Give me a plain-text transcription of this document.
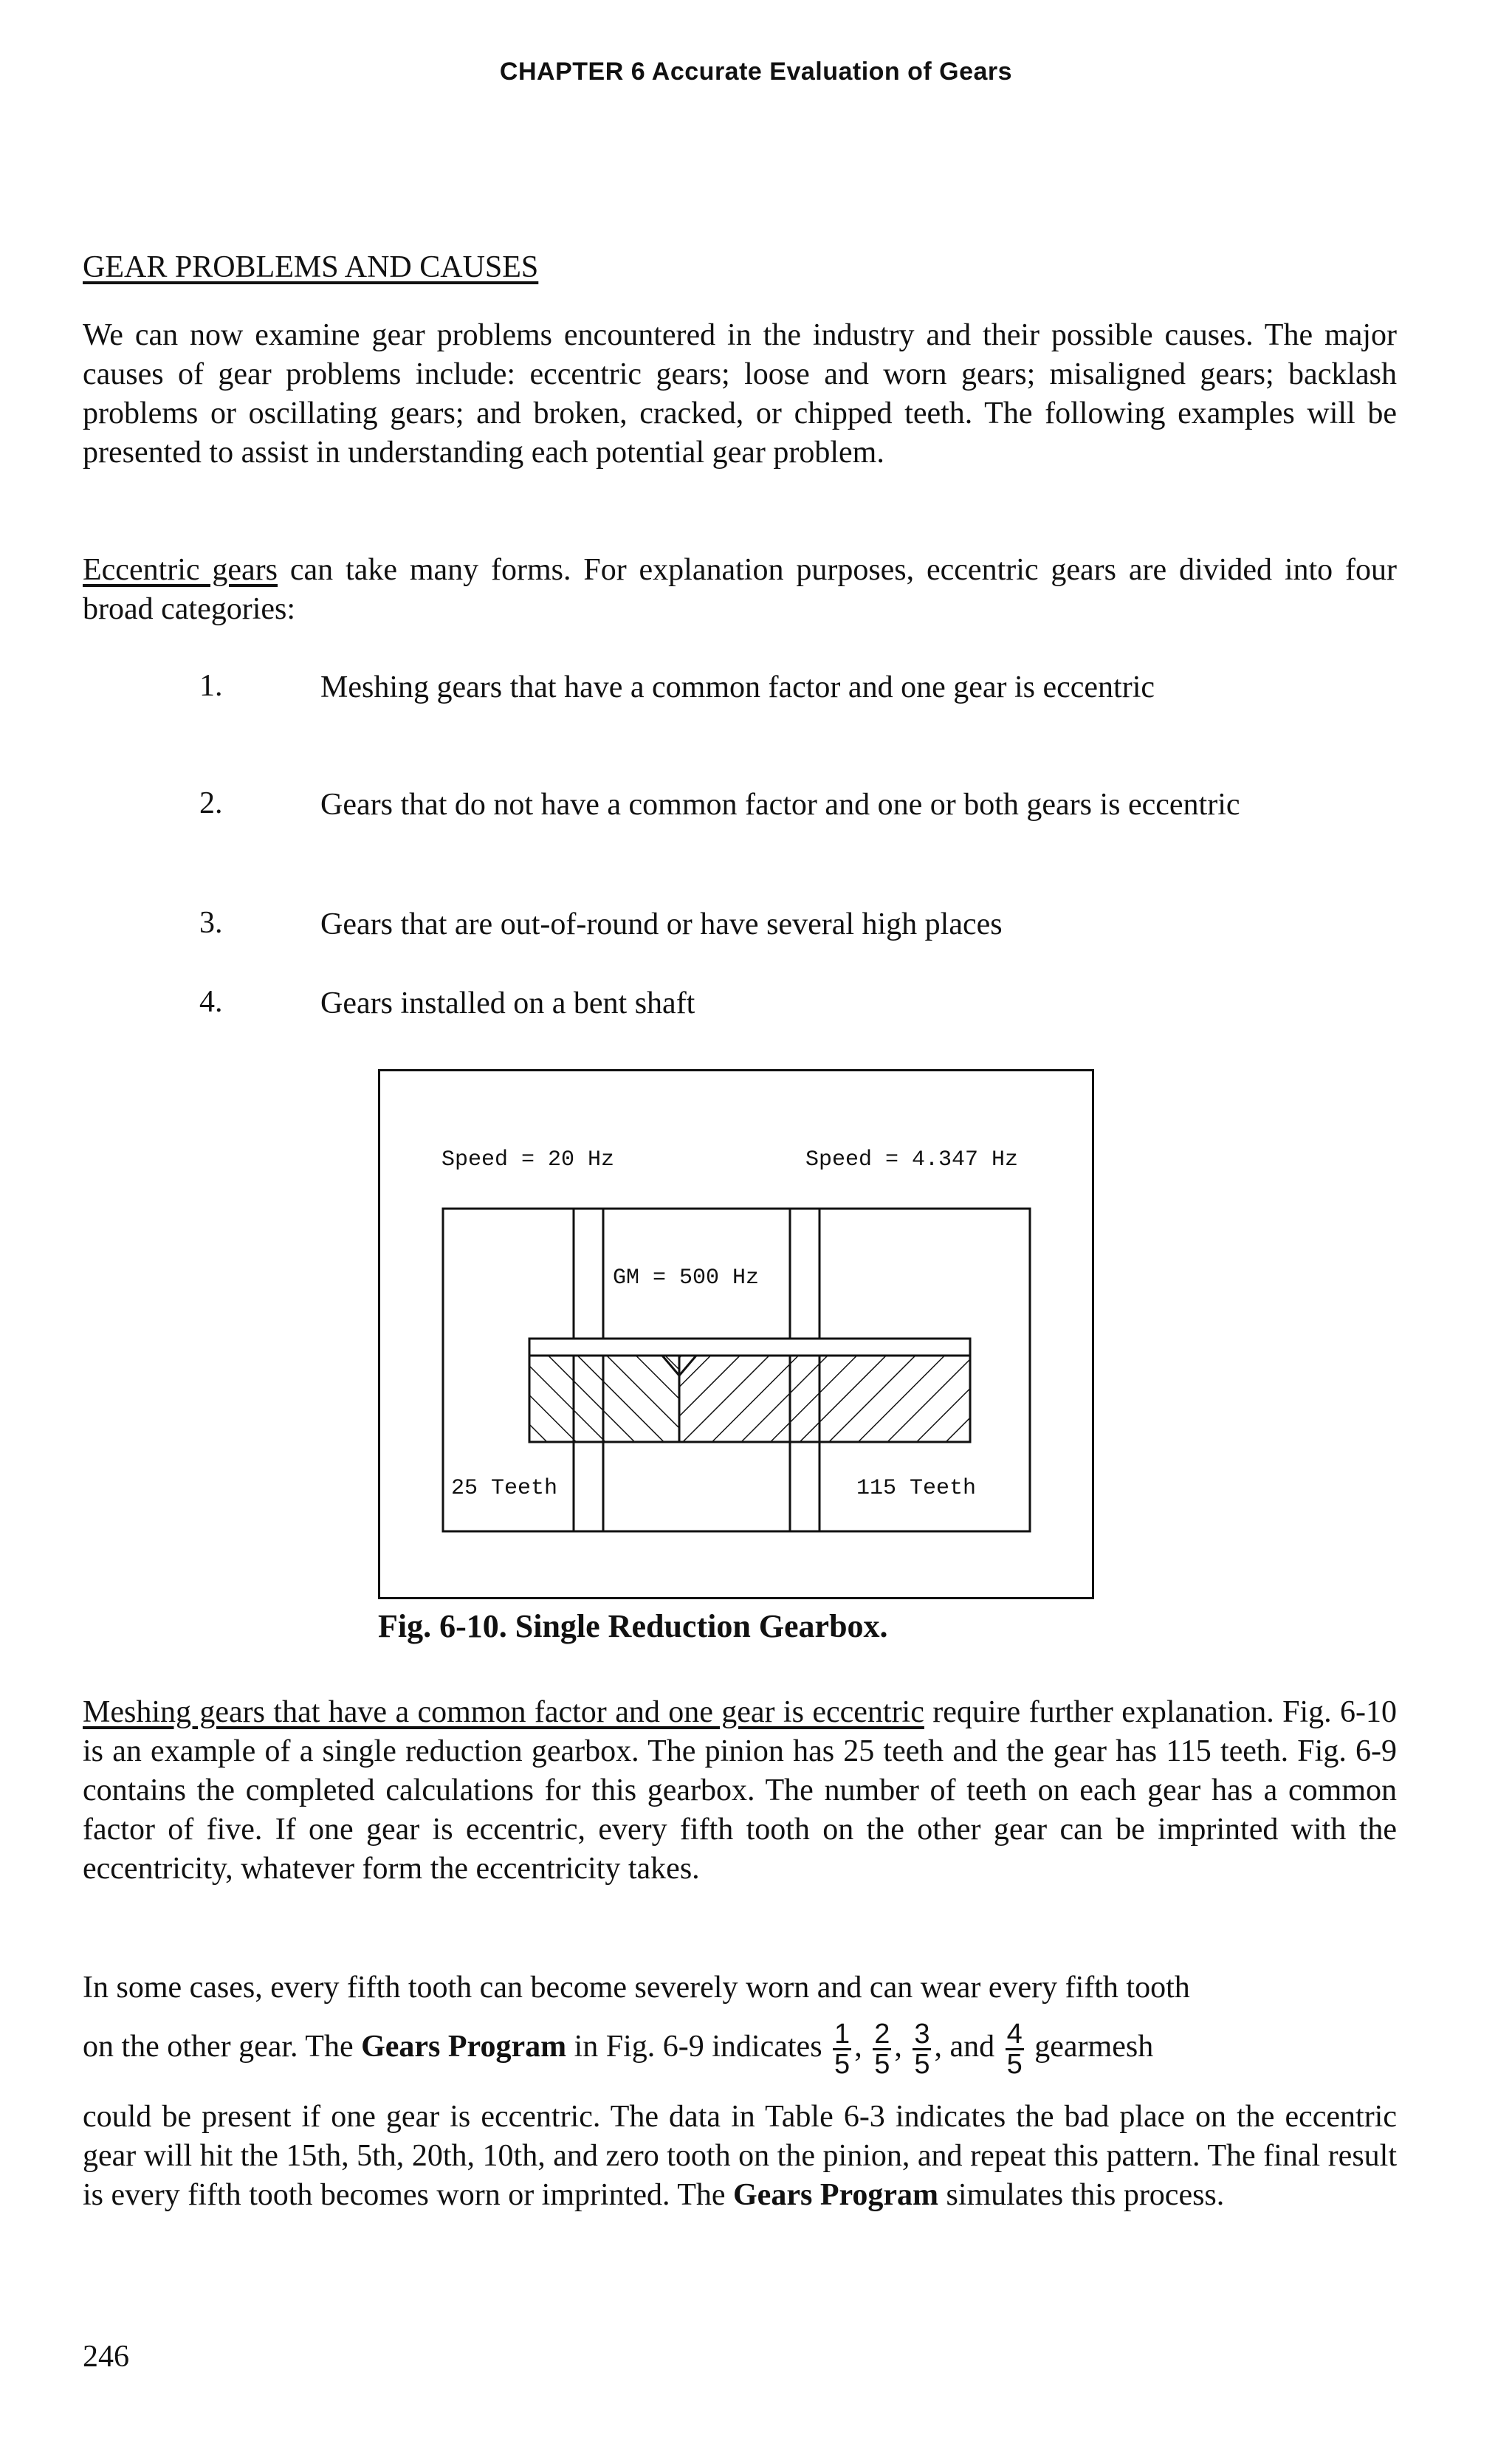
CHAPTER 6 Accurate Evaluation of Gears
GEAR PROBLEMS AND CAUSES
We can now examine gear problems encountered in the industry and their possible causes. The major causes of gear problems include: eccentric gears; loose and worn gears; misaligned gears; backlash problems or oscillating gears; and broken, cracked, or chipped teeth. The following examples will be presented to assist in understanding each potential gear problem.
Eccentric gears can take many forms. For explanation purposes, eccentric gears are divided into four broad categories:
1.	Meshing gears that have a common factor and one gear is eccentric
2.	Gears that do not have a common factor and one or both gears is eccentric
3.	Gears that are out-of-round or have several high places
4.	Gears installed on a bent shaft
Speed = 20 Hz	Speed = 4.347 Hz
GM = 500 Hz
25 Teeth	115 Teeth
Fig. 6-10. Single Reduction Gearbox.
Meshing gears that have a common factor and one gear is eccentric require further explanation. Fig. 6-10 is an example of a single reduction gearbox. The pinion has 25 teeth and the gear has 115 teeth. Fig. 6-9 contains the completed calculations for this gearbox. The number of teeth on each gear has a common factor of five. If one gear is eccentric, every fifth tooth on the other gear can be imprinted with the eccentricity, whatever form the eccentricity takes.
In some cases, every fifth tooth can become severely worn and can wear every fifth tooth
on the other gear. The Gears Program in Fig. 6-9 indicates $\frac{1}{5}$ , $\frac{2}{5}$ , $\frac{3}{5}$ , and $\frac{4}{5}$ gearmesh
could be present if one gear is eccentric. The data in Table 6-3 indicates the bad place on the eccentric gear will hit the 15th, 5th, 20th, 10th, and zero tooth on the pinion, and repeat this pattern. The final result is every fifth tooth becomes worn or imprinted. The Gears Program simulates this process.
246
